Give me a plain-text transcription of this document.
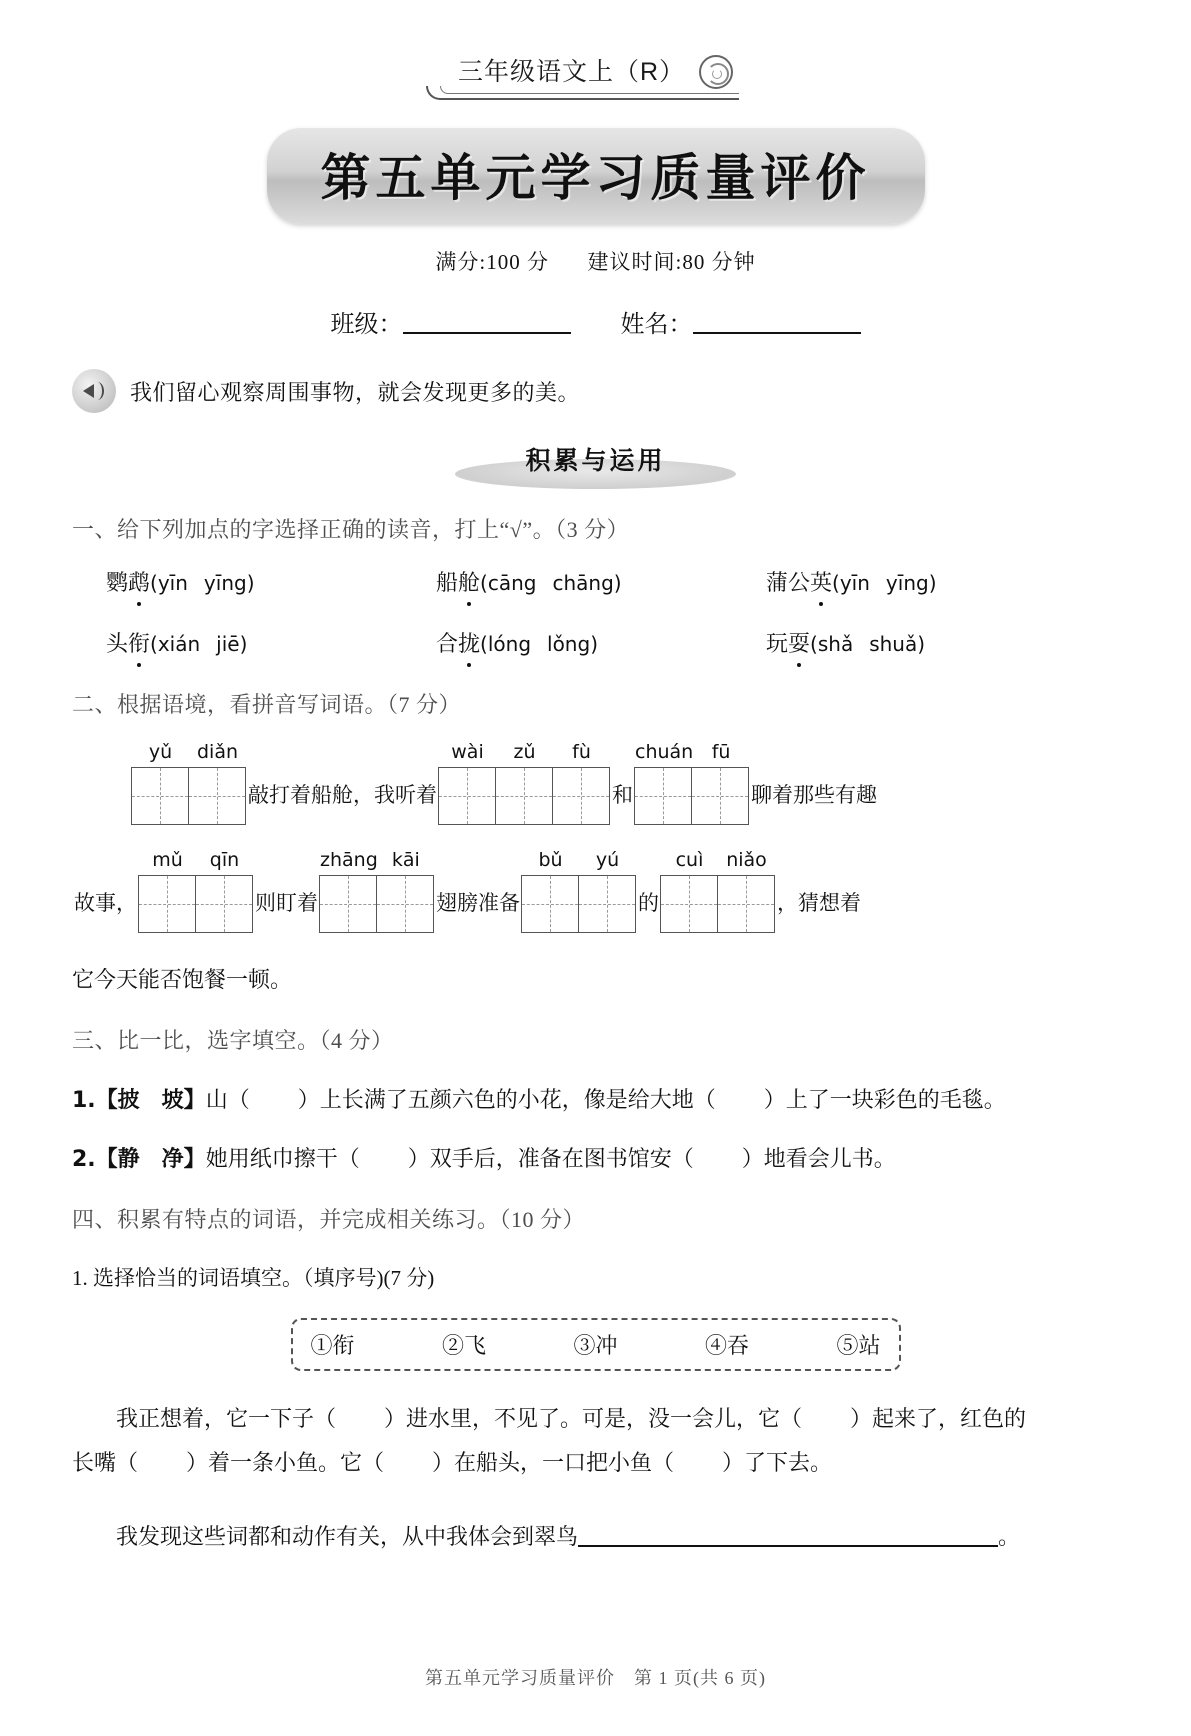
三年级语文上（R）
第五单元学习质量评价
满分:100 分 建议时间:80 分钟
班级：	姓名：
我们留心观察周围事物，就会发现更多的美。
积累与运用
一、给下列加点的字选择正确的读音，打上“√”。（3 分）
鹦鹉(yīn yīng)	船舱(cāng chāng)	蒲公英(yīn yīng)
头衔(xián jiē)	合拢(lóng lǒng)	玩耍(shǎ shuǎ)
二、根据语境，看拼音写词语。（7 分）
yǔ	diǎn
敲打着船舱，我听着
wài	zǔ	fù
和
chuán fū
聊着那些有趣
故事，
mǔ	qīn
则盯着
zhāng kāi
翅膀准备
bǔ	yú
的
cuì	niǎo
，猜想着
它今天能否饱餐一顿。
三、比一比，选字填空。（4 分）
1.【披　坡】山（ ）上长满了五颜六色的小花，像是给大地（ ）上了一块彩色的毛毯。
2.【静　净】她用纸巾擦干（ ）双手后，准备在图书馆安（ ）地看会儿书。
四、积累有特点的词语，并完成相关练习。（10 分）
1. 选择恰当的词语填空。（填序号)(7 分)
①衔	②飞	③冲	④吞	⑤站
我正想着，它一下子（ ）进水里，不见了。可是，没一会儿，它（ ）起来了，红色的
长嘴（ ）着一条小鱼。它（ ）在船头，一口把小鱼（ ）了下去。
我发现这些词都和动作有关，从中我体会到翠鸟	。
第五单元学习质量评价　第 1 页(共 6 页)
